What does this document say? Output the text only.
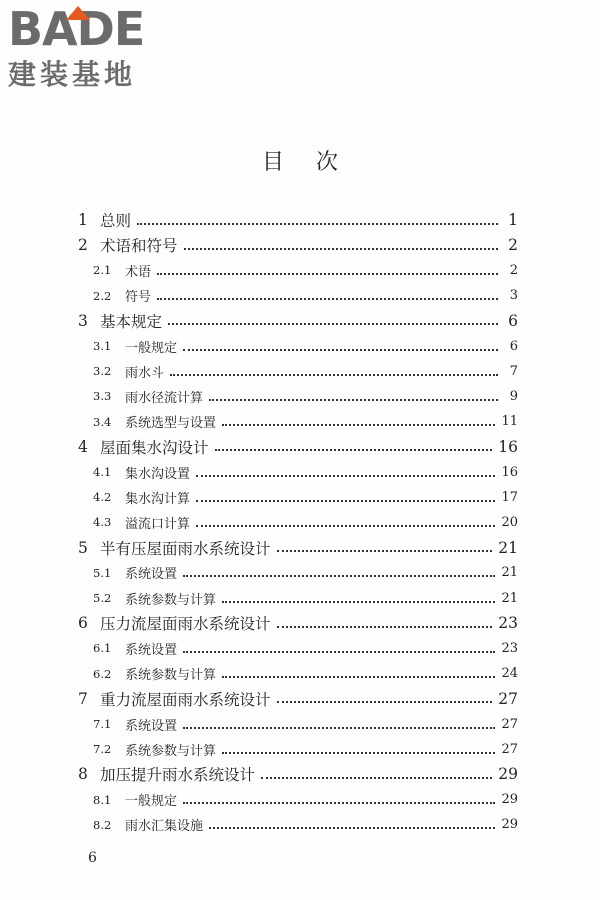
BADE
建装基地
目次
1 总则	1
2 术语和符号	2
2.1	术语	2
2.2	符号	3
3 基本规定	6
3.1	一般规定	6
3.2	雨水斗	7
3.3	雨水径流计算	9
3.4	系统选型与设置	11
4 屋面集水沟设计	16
4.1	集水沟设置	16
4.2	集水沟计算	17
4.3	溢流口计算	20
5 半有压屋面雨水系统设计	21
5.1	系统设置	21
5.2	系统参数与计算	21
6 压力流屋面雨水系统设计	23
6.1	系统设置	23
6.2	系统参数与计算	24
7 重力流屋面雨水系统设计	27
7.1	系统设置	27
7.2	系统参数与计算	27
8 加压提升雨水系统设计	29
8.1	一般规定	29
8.2	雨水汇集设施	29
6
